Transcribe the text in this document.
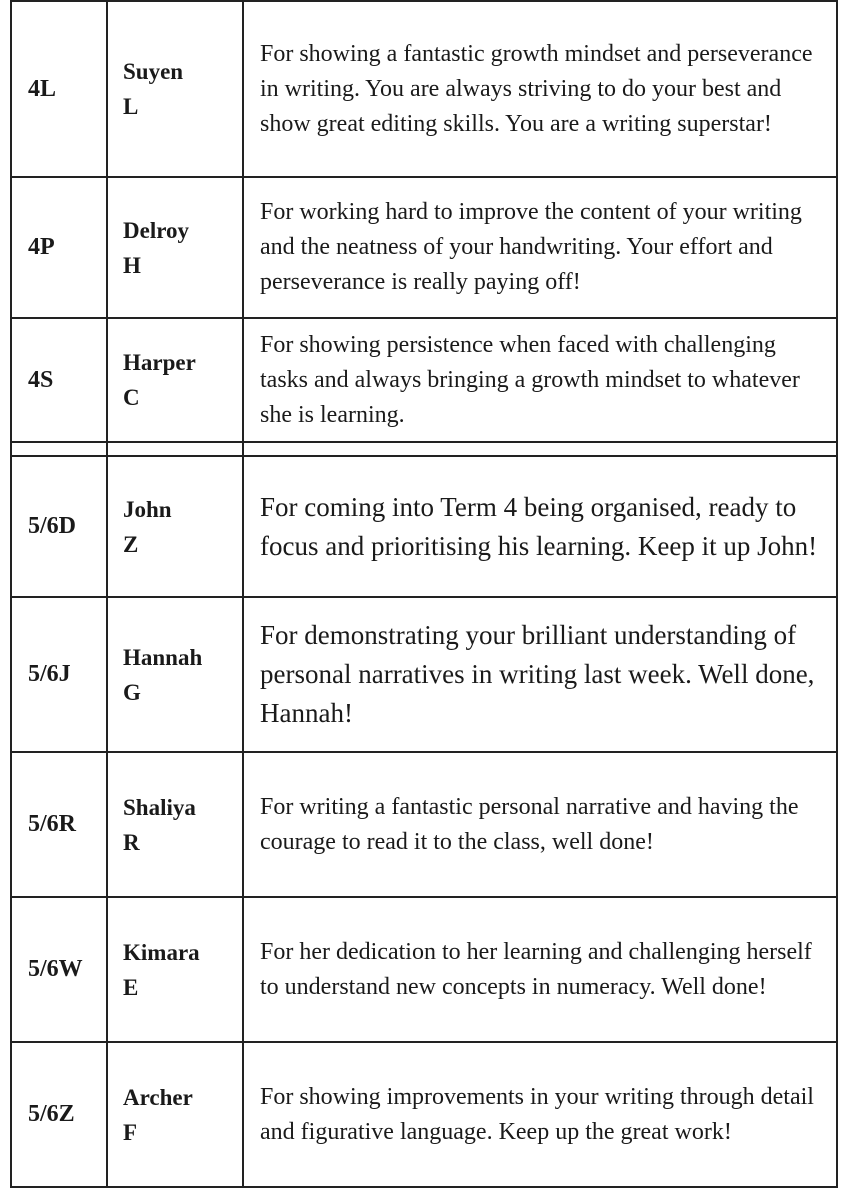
4L
Suyen
L
For showing a fantastic growth mindset and perseverance in writing. You are always striving to do your best and show great editing skills. You are a writing superstar!
4P
Delroy
H
For working hard to improve the content of your writing and the neatness of your handwriting. Your effort and perseverance is really paying off!
4S
Harper
C
For showing persistence when faced with challenging tasks and always bringing a growth mindset to whatever she is learning.
5/6D
John
Z
For coming into Term 4 being organised, ready to focus and prioritising his learning. Keep it up John!
5/6J
Hannah
G
For demonstrating your brilliant understanding of personal narratives in writing last week. Well done, Hannah!
5/6R
Shaliya
R
For writing a fantastic personal narrative and having the courage to read it to the class, well done!
5/6W
Kimara
E
For her dedication to her learning and challenging herself to understand new concepts in numeracy. Well done!
5/6Z
Archer
F
For showing improvements in your writing through detail and figurative language. Keep up the great work!
